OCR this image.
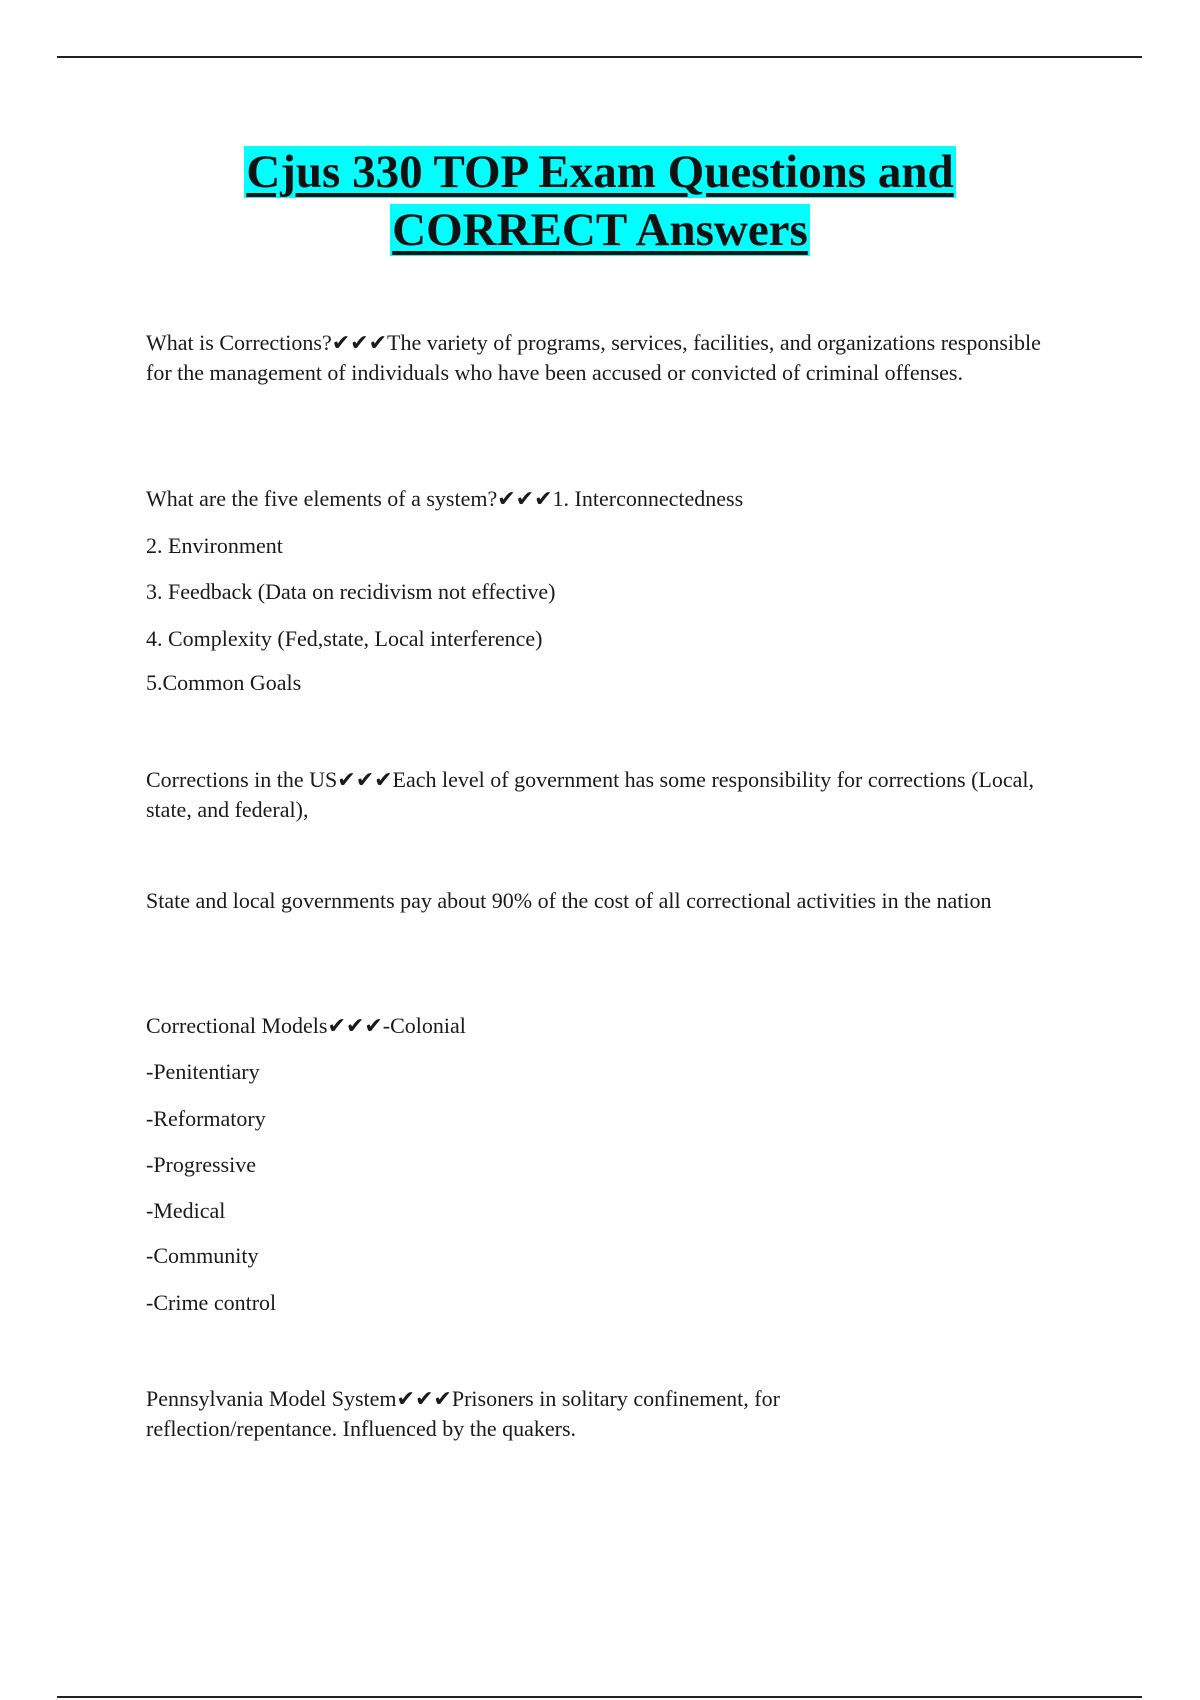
Cjus 330 TOP Exam Questions and
CORRECT Answers

What is Corrections?✔✔✔The variety of programs, services, facilities, and organizations responsible for the management of individuals who have been accused or convicted of criminal offenses.

What are the five elements of a system?✔✔✔1. Interconnectedness

2. Environment

3. Feedback (Data on recidivism not effective)

4. Complexity (Fed,state, Local interference)

5.Common Goals

Corrections in the US✔✔✔Each level of government has some responsibility for corrections (Local, state, and federal),

State and local governments pay about 90% of the cost of all correctional activities in the nation

Correctional Models✔✔✔-Colonial

-Penitentiary

-Reformatory

-Progressive

-Medical

-Community

-Crime control

Pennsylvania Model System✔✔✔Prisoners in solitary confinement, for reflection/repentance. Influenced by the quakers.
